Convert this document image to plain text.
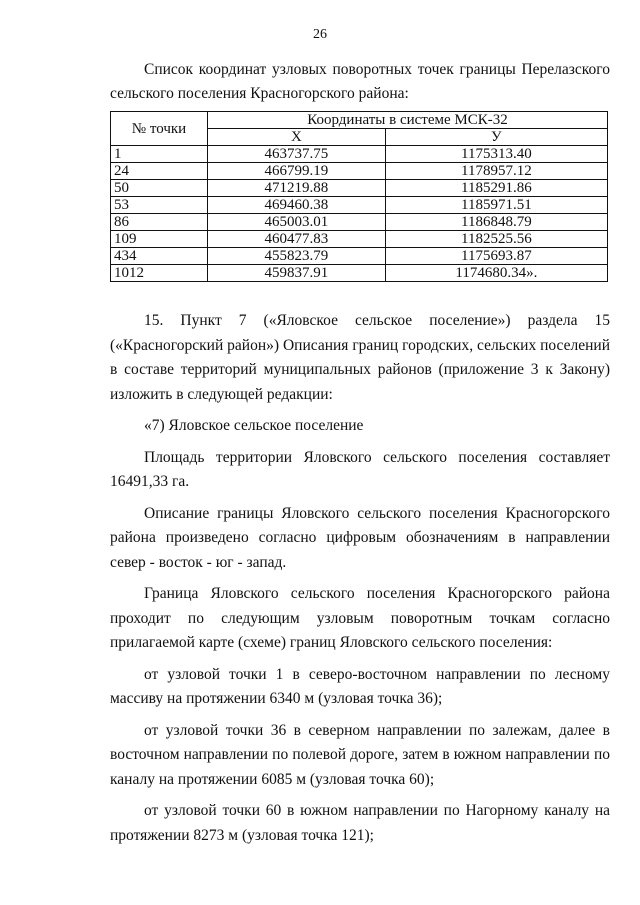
26

Список координат узловых поворотных точек границы Перелазского сельского поселения Красногорского района:

№ точки	Координаты в системе МСК-32	
	X	У
1	463737.75	1175313.40
24	466799.19	1178957.12
50	471219.88	1185291.86
53	469460.38	1185971.51
86	465003.01	1186848.79
109	460477.83	1182525.56
434	455823.79	1175693.87
1012	459837.91	1174680.34».

15. Пункт 7 («Яловское сельское поселение») раздела 15 («Красногорский район») Описания границ городских, сельских поселений в составе территорий муниципальных районов (приложение 3 к Закону) изложить в следующей редакции:

«7) Яловское сельское поселение

Площадь территории Яловского сельского поселения составляет 16491,33 га.

Описание границы Яловского сельского поселения Красногорского района произведено согласно цифровым обозначениям в направлении север - восток - юг - запад.

Граница Яловского сельского поселения Красногорского района проходит по следующим узловым поворотным точкам согласно прилагаемой карте (схеме) границ Яловского сельского поселения:

от узловой точки 1 в северо-восточном направлении по лесному массиву на протяжении 6340 м (узловая точка 36);

от узловой точки 36 в северном направлении по залежам, далее в восточном направлении по полевой дороге, затем в южном направлении по каналу на протяжении 6085 м (узловая точка 60);

от узловой точки 60 в южном направлении по Нагорному каналу на протяжении 8273 м (узловая точка 121);
